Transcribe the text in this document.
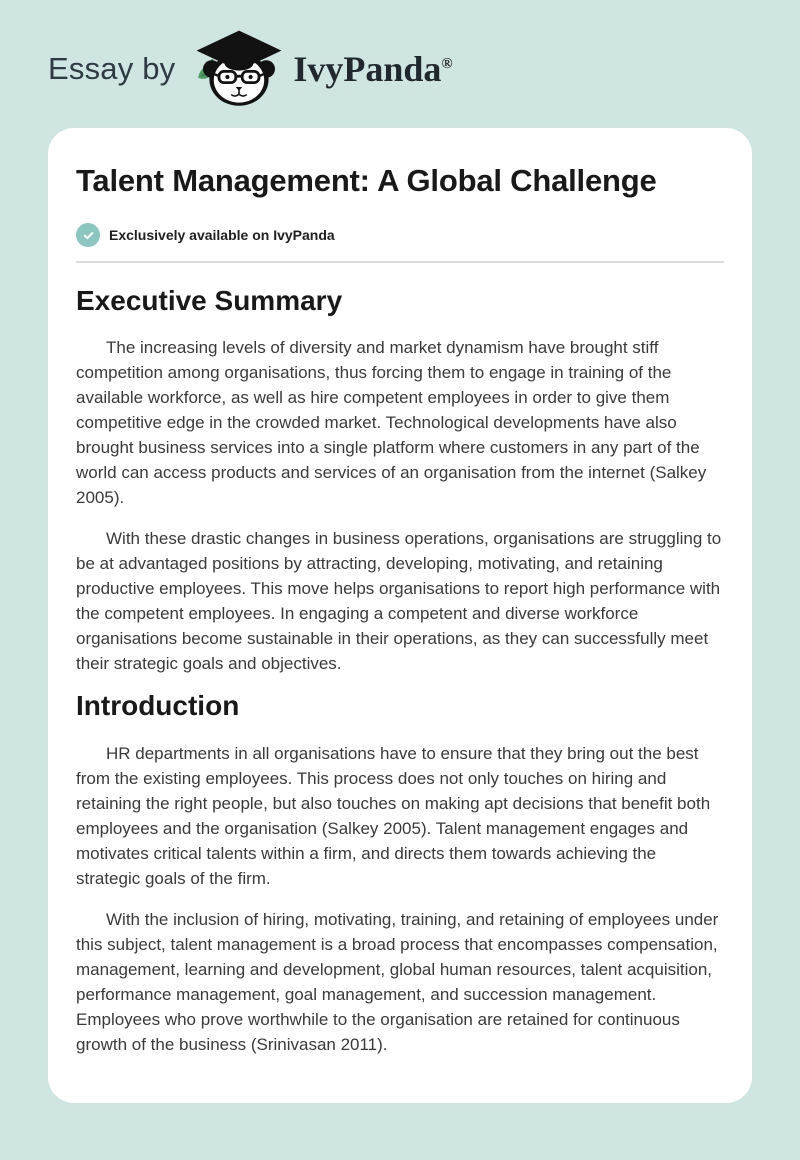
Essay by	IvyPanda®
Talent Management: A Global Challenge
Exclusively available on IvyPanda
Executive Summary

The increasing levels of diversity and market dynamism have brought stiff competition among organisations, thus forcing them to engage in training of the available workforce, as well as hire competent employees in order to give them competitive edge in the crowded market. Technological developments have also brought business services into a single platform where customers in any part of the world can access products and services of an organisation from the internet (Salkey 2005).

With these drastic changes in business operations, organisations are struggling to be at advantaged positions by attracting, developing, motivating, and retaining productive employees. This move helps organisations to report high performance with the competent employees. In engaging a competent and diverse workforce organisations become sustainable in their operations, as they can successfully meet their strategic goals and objectives.

Introduction

HR departments in all organisations have to ensure that they bring out the best from the existing employees. This process does not only touches on hiring and retaining the right people, but also touches on making apt decisions that benefit both employees and the organisation (Salkey 2005). Talent management engages and motivates critical talents within a firm, and directs them towards achieving the strategic goals of the firm.

With the inclusion of hiring, motivating, training, and retaining of employees under this subject, talent management is a broad process that encompasses compensation, management, learning and development, global human resources, talent acquisition, performance management, goal management, and succession management. Employees who prove worthwhile to the organisation are retained for continuous growth of the business (Srinivasan 2011).
